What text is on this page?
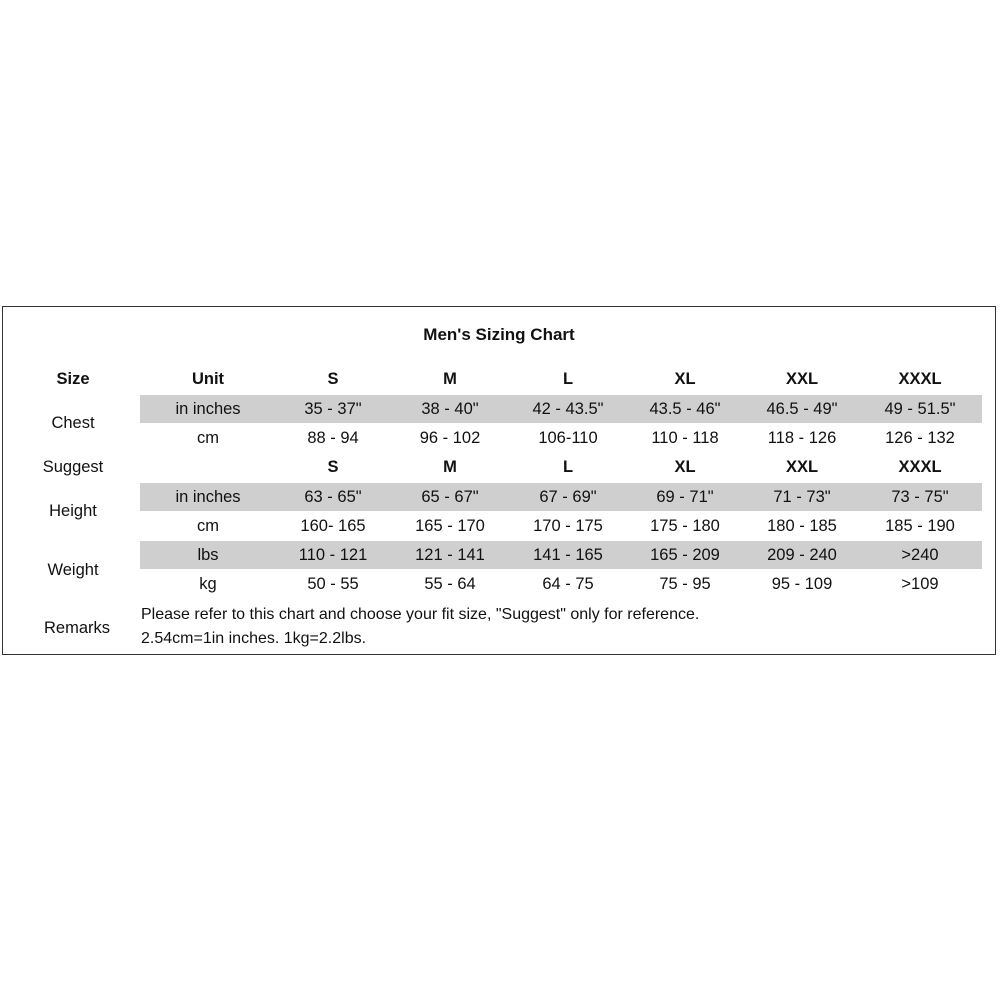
Men's Sizing Chart
Size	Unit	S	M	L	XL	XXL	XXXL
Chest
in inches	35 - 37"	38 - 40"	42 - 43.5"	43.5 - 46"	46.5 - 49"	49 - 51.5"
cm	88 - 94	96 - 102	106-110	110 - 118	118 - 126	126 - 132
Suggest	S	M	L	XL	XXL	XXXL
Height
in inches	63 - 65"	65 - 67"	67 - 69"	69 - 71"	71 - 73"	73 - 75"
cm	160- 165	165 - 170	170 - 175	175 - 180	180 - 185	185 - 190
Weight
lbs	110 - 121	121 - 141	141 - 165	165 - 209	209 - 240	>240
kg	50 - 55	55 - 64	64 - 75	75 - 95	95 - 109	>109
Remarks
Please refer to this chart and choose your fit size, "Suggest" only for reference.
2.54cm=1in inches. 1kg=2.2lbs.
